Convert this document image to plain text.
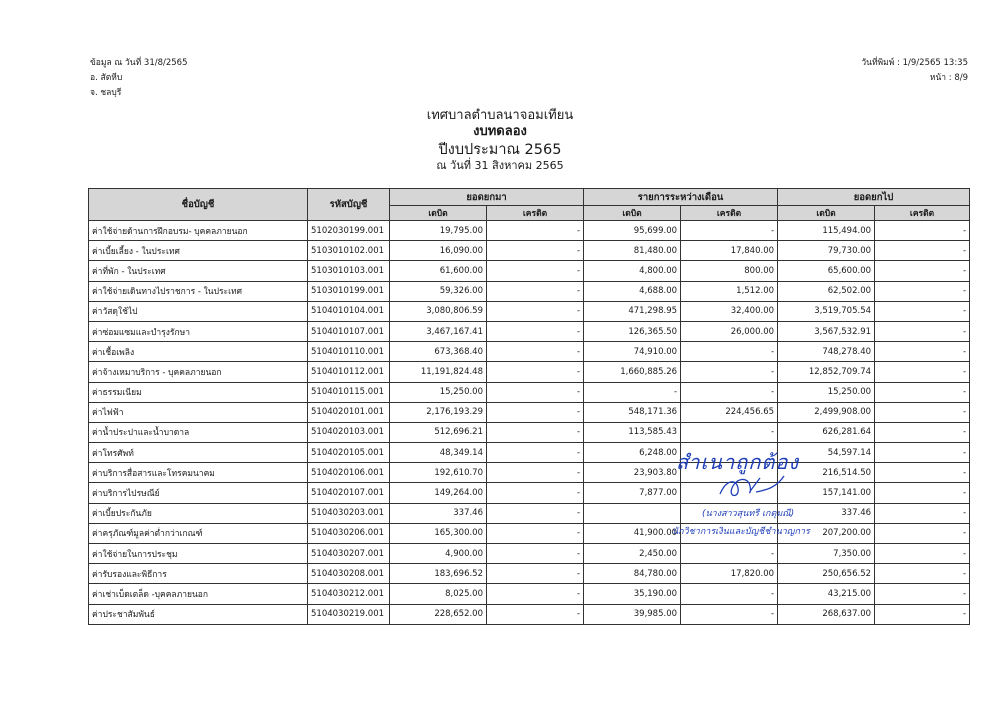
ข้อมูล ณ วันที่ 31/8/2565
อ. สัตหีบ
จ. ชลบุรี
วันที่พิมพ์ : 1/9/2565 13:35
หน้า : 8/9
เทศบาลตำบลนาจอมเทียน
งบทดลอง
ปีงบประมาณ 2565
ณ วันที่ 31 สิงหาคม 2565
ชื่อบัญชี	รหัสบัญชี	ยอดยกมา		รายการระหว่างเดือน		ยอดยกไป	
		เดบิต	เครดิต	เดบิต	เครดิต	เดบิต	เครดิต
ค่าใช้จ่ายด้านการฝึกอบรม- บุคคลภายนอก	5102030199.001	19,795.00	-	95,699.00	-	115,494.00	-
ค่าเบี้ยเลี้ยง - ในประเทศ	5103010102.001	16,090.00	-	81,480.00	17,840.00	79,730.00	-
ค่าที่พัก - ในประเทศ	5103010103.001	61,600.00	-	4,800.00	800.00	65,600.00	-
ค่าใช้จ่ายเดินทางไปราชการ - ในประเทศ	5103010199.001	59,326.00	-	4,688.00	1,512.00	62,502.00	-
ค่าวัสดุใช้ไป	5104010104.001	3,080,806.59	-	471,298.95	32,400.00	3,519,705.54	-
ค่าซ่อมแซมและบำรุงรักษา	5104010107.001	3,467,167.41	-	126,365.50	26,000.00	3,567,532.91	-
ค่าเชื้อเพลิง	5104010110.001	673,368.40	-	74,910.00	-	748,278.40	-
ค่าจ้างเหมาบริการ - บุคคลภายนอก	5104010112.001	11,191,824.48	-	1,660,885.26	-	12,852,709.74	-
ค่าธรรมเนียม	5104010115.001	15,250.00	-	-	-	15,250.00	-
ค่าไฟฟ้า	5104020101.001	2,176,193.29	-	548,171.36	224,456.65	2,499,908.00	-
ค่าน้ำประปาและน้ำบาดาล	5104020103.001	512,696.21	-	113,585.43	-	626,281.64	-
ค่าโทรศัพท์	5104020105.001	48,349.14	-	6,248.00		54,597.14	-
ค่าบริการสื่อสารและโทรคมนาคม	5104020106.001	192,610.70	-	23,903.80		216,514.50	-
ค่าบริการไปรษณีย์	5104020107.001	149,264.00	-	7,877.00		157,141.00	-
ค่าเบี้ยประกันภัย	5104030203.001	337.46	-			337.46	-
ค่าครุภัณฑ์มูลค่าต่ำกว่าเกณฑ์	5104030206.001	165,300.00	-	41,900.00		207,200.00	-
ค่าใช้จ่ายในการประชุม	5104030207.001	4,900.00	-	2,450.00	-	7,350.00	-
ค่ารับรองและพิธีการ	5104030208.001	183,696.52	-	84,780.00	17,820.00	250,656.52	-
ค่าเช่าเบ็ดเตล็ด -บุคคลภายนอก	5104030212.001	8,025.00	-	35,190.00	-	43,215.00	-
ค่าประชาสัมพันธ์	5104030219.001	228,652.00	-	39,985.00	-	268,637.00	-
สำเนาถูกต้อง
(นางสาวสุนทรี เกตุมณี)
นักวิชาการเงินและบัญชีชำนาญการ
